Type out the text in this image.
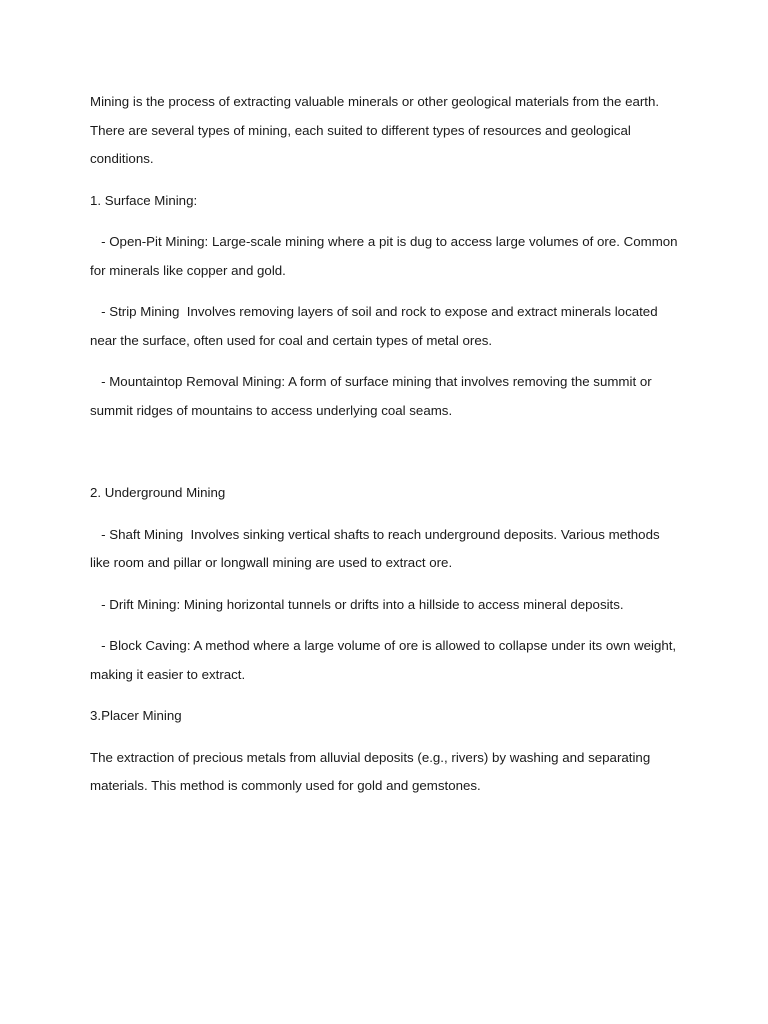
Mining is the process of extracting valuable minerals or other geological materials from the earth. There are several types of mining, each suited to different types of resources and geological conditions.

1. Surface Mining:

- Open-Pit Mining: Large-scale mining where a pit is dug to access large volumes of ore. Common for minerals like copper and gold.

- Strip Mining  Involves removing layers of soil and rock to expose and extract minerals located near the surface, often used for coal and certain types of metal ores.

- Mountaintop Removal Mining: A form of surface mining that involves removing the summit or summit ridges of mountains to access underlying coal seams.

2. Underground Mining

- Shaft Mining  Involves sinking vertical shafts to reach underground deposits. Various methods like room and pillar or longwall mining are used to extract ore.

- Drift Mining: Mining horizontal tunnels or drifts into a hillside to access mineral deposits.

- Block Caving: A method where a large volume of ore is allowed to collapse under its own weight, making it easier to extract.

3.Placer Mining

The extraction of precious metals from alluvial deposits (e.g., rivers) by washing and separating materials. This method is commonly used for gold and gemstones.
